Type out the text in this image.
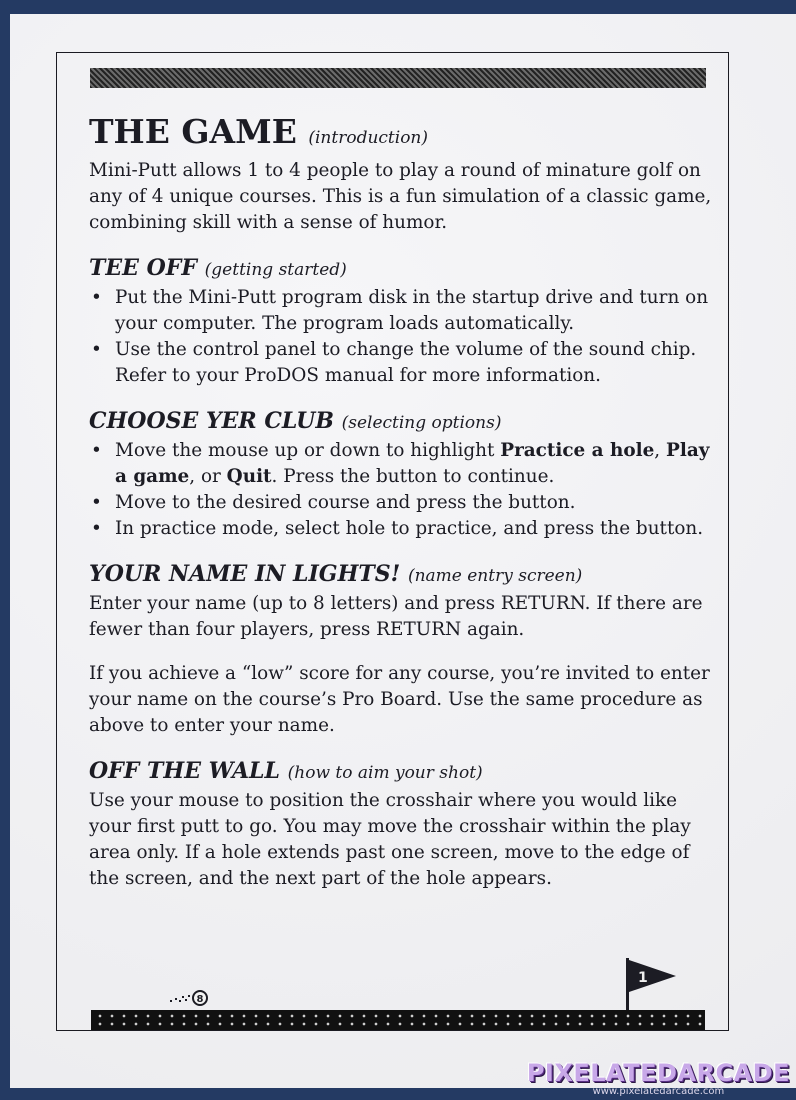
THE GAME (introduction)

Mini-Putt allows 1 to 4 people to play a round of minature golf on any of 4 unique courses. This is a fun simulation of a classic game, combining skill with a sense of humor.

TEE OFF (getting started)
• Put the Mini-Putt program disk in the startup drive and turn on your computer. The program loads automatically.
• Use the control panel to change the volume of the sound chip. Refer to your ProDOS manual for more information.
CHOOSE YER CLUB (selecting options)
• Move the mouse up or down to highlight Practice a hole, Play a game, or Quit. Press the button to continue.
• Move to the desired course and press the button.
• In practice mode, select hole to practice, and press the button.
YOUR NAME IN LIGHTS! (name entry screen)

Enter your name (up to 8 letters) and press RETURN. If there are fewer than four players, press RETURN again.

If you achieve a “low” score for any course, you’re invited to enter your name on the course’s Pro Board. Use the same procedure as above to enter your name.

OFF THE WALL (how to aim your shot)

Use your mouse to position the crosshair where you would like your first putt to go. You may move the crosshair within the play area only. If a hole extends past one screen, move to the edge of the screen, and the next part of the hole appears.

8
1
PIXELATEDARCADE
www.pixelatedarcade.com
